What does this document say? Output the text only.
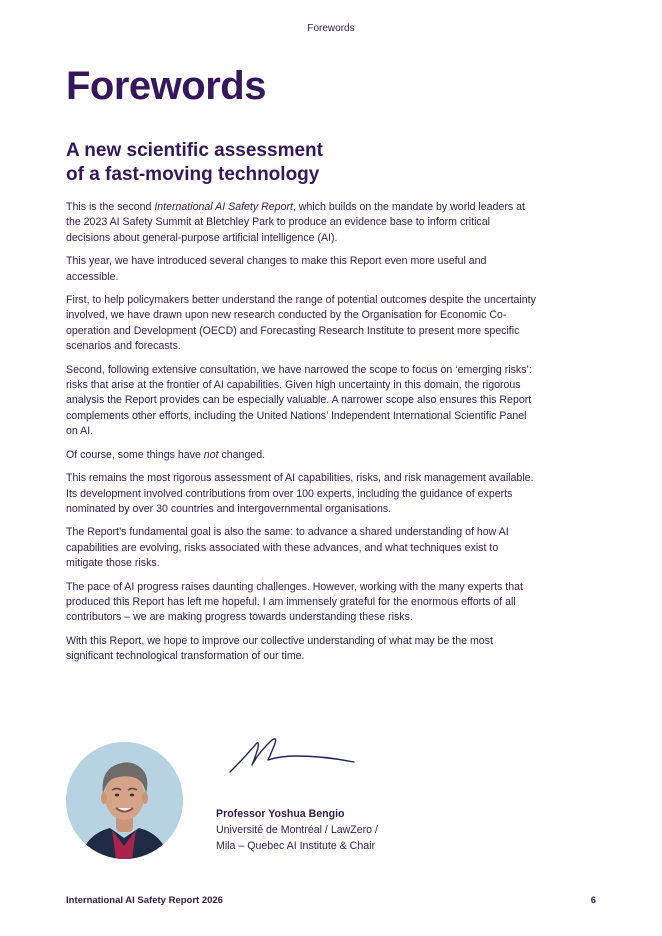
Forewords
Forewords
A new scientific assessment
of a fast-moving technology

This is the second International AI Safety Report, which builds on the mandate by world leaders at the 2023 AI Safety Summit at Bletchley Park to produce an evidence base to inform critical decisions about general-purpose artificial intelligence (AI).

This year, we have introduced several changes to make this Report even more useful and accessible.

First, to help policymakers better understand the range of potential outcomes despite the uncertainty involved, we have drawn upon new research conducted by the Organisation for Economic Co-operation and Development (OECD) and Forecasting Research Institute to present more specific scenarios and forecasts.

Second, following extensive consultation, we have narrowed the scope to focus on ‘emerging risks’: risks that arise at the frontier of AI capabilities. Given high uncertainty in this domain, the rigorous analysis the Report provides can be especially valuable. A narrower scope also ensures this Report complements other efforts, including the United Nations’ Independent International Scientific Panel on AI.

Of course, some things have not changed.

This remains the most rigorous assessment of AI capabilities, risks, and risk management available. Its development involved contributions from over 100 experts, including the guidance of experts nominated by over 30 countries and intergovernmental organisations.

The Report’s fundamental goal is also the same: to advance a shared understanding of how AI capabilities are evolving, risks associated with these advances, and what techniques exist to mitigate those risks.

The pace of AI progress raises daunting challenges. However, working with the many experts that produced this Report has left me hopeful. I am immensely grateful for the enormous efforts of all contributors – we are making progress towards understanding these risks.

With this Report, we hope to improve our collective understanding of what may be the most significant technological transformation of our time.

Professor Yoshua Bengio
Université de Montréal / LawZero /
Mila – Quebec AI Institute & Chair
International AI Safety Report 2026	6
